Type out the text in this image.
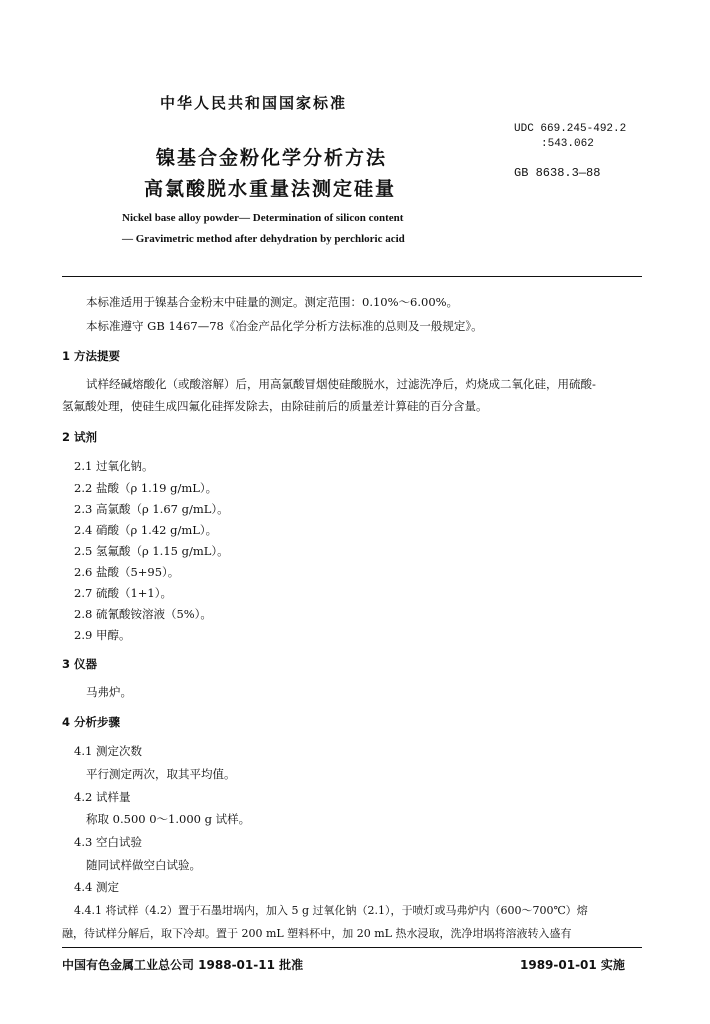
中华人民共和国国家标准
镍基合金粉化学分析方法
高氯酸脱水重量法测定硅量
UDC 669.245-492.2
:543.062
GB 8638.3—88
Nickel base alloy powder— Determination of silicon content
— Gravimetric method after dehydration by perchloric acid
本标准适用于镍基合金粉末中硅量的测定。测定范围：0.10%～6.00%。
本标准遵守 GB 1467—78《冶金产品化学分析方法标准的总则及一般规定》。
1 方法提要
试样经碱熔酸化（或酸溶解）后，用高氯酸冒烟使硅酸脱水，过滤洗净后，灼烧成二氧化硅，用硫酸-
氢氟酸处理，使硅生成四氟化硅挥发除去，由除硅前后的质量差计算硅的百分含量。
2 试剂
2.1 过氧化钠。
2.2 盐酸（ρ 1.19 g/mL）。
2.3 高氯酸（ρ 1.67 g/mL）。
2.4 硝酸（ρ 1.42 g/mL）。
2.5 氢氟酸（ρ 1.15 g/mL）。
2.6 盐酸（5+95）。
2.7 硫酸（1+1）。
2.8 硫氰酸铵溶液（5%）。
2.9 甲醇。
3 仪器
马弗炉。
4 分析步骤
4.1 测定次数
平行测定两次，取其平均值。
4.2 试样量
称取 0.500 0～1.000 g 试样。
4.3 空白试验
随同试样做空白试验。
4.4 测定
4.4.1 将试样（4.2）置于石墨坩埚内，加入 5 g 过氧化钠（2.1），于喷灯或马弗炉内（600～700℃）熔
融，待试样分解后，取下冷却。置于 200 mL 塑料杯中，加 20 mL 热水浸取，洗净坩埚将溶液转入盛有
中国有色金属工业总公司 1988-01-11 批准	1989-01-01 实施
